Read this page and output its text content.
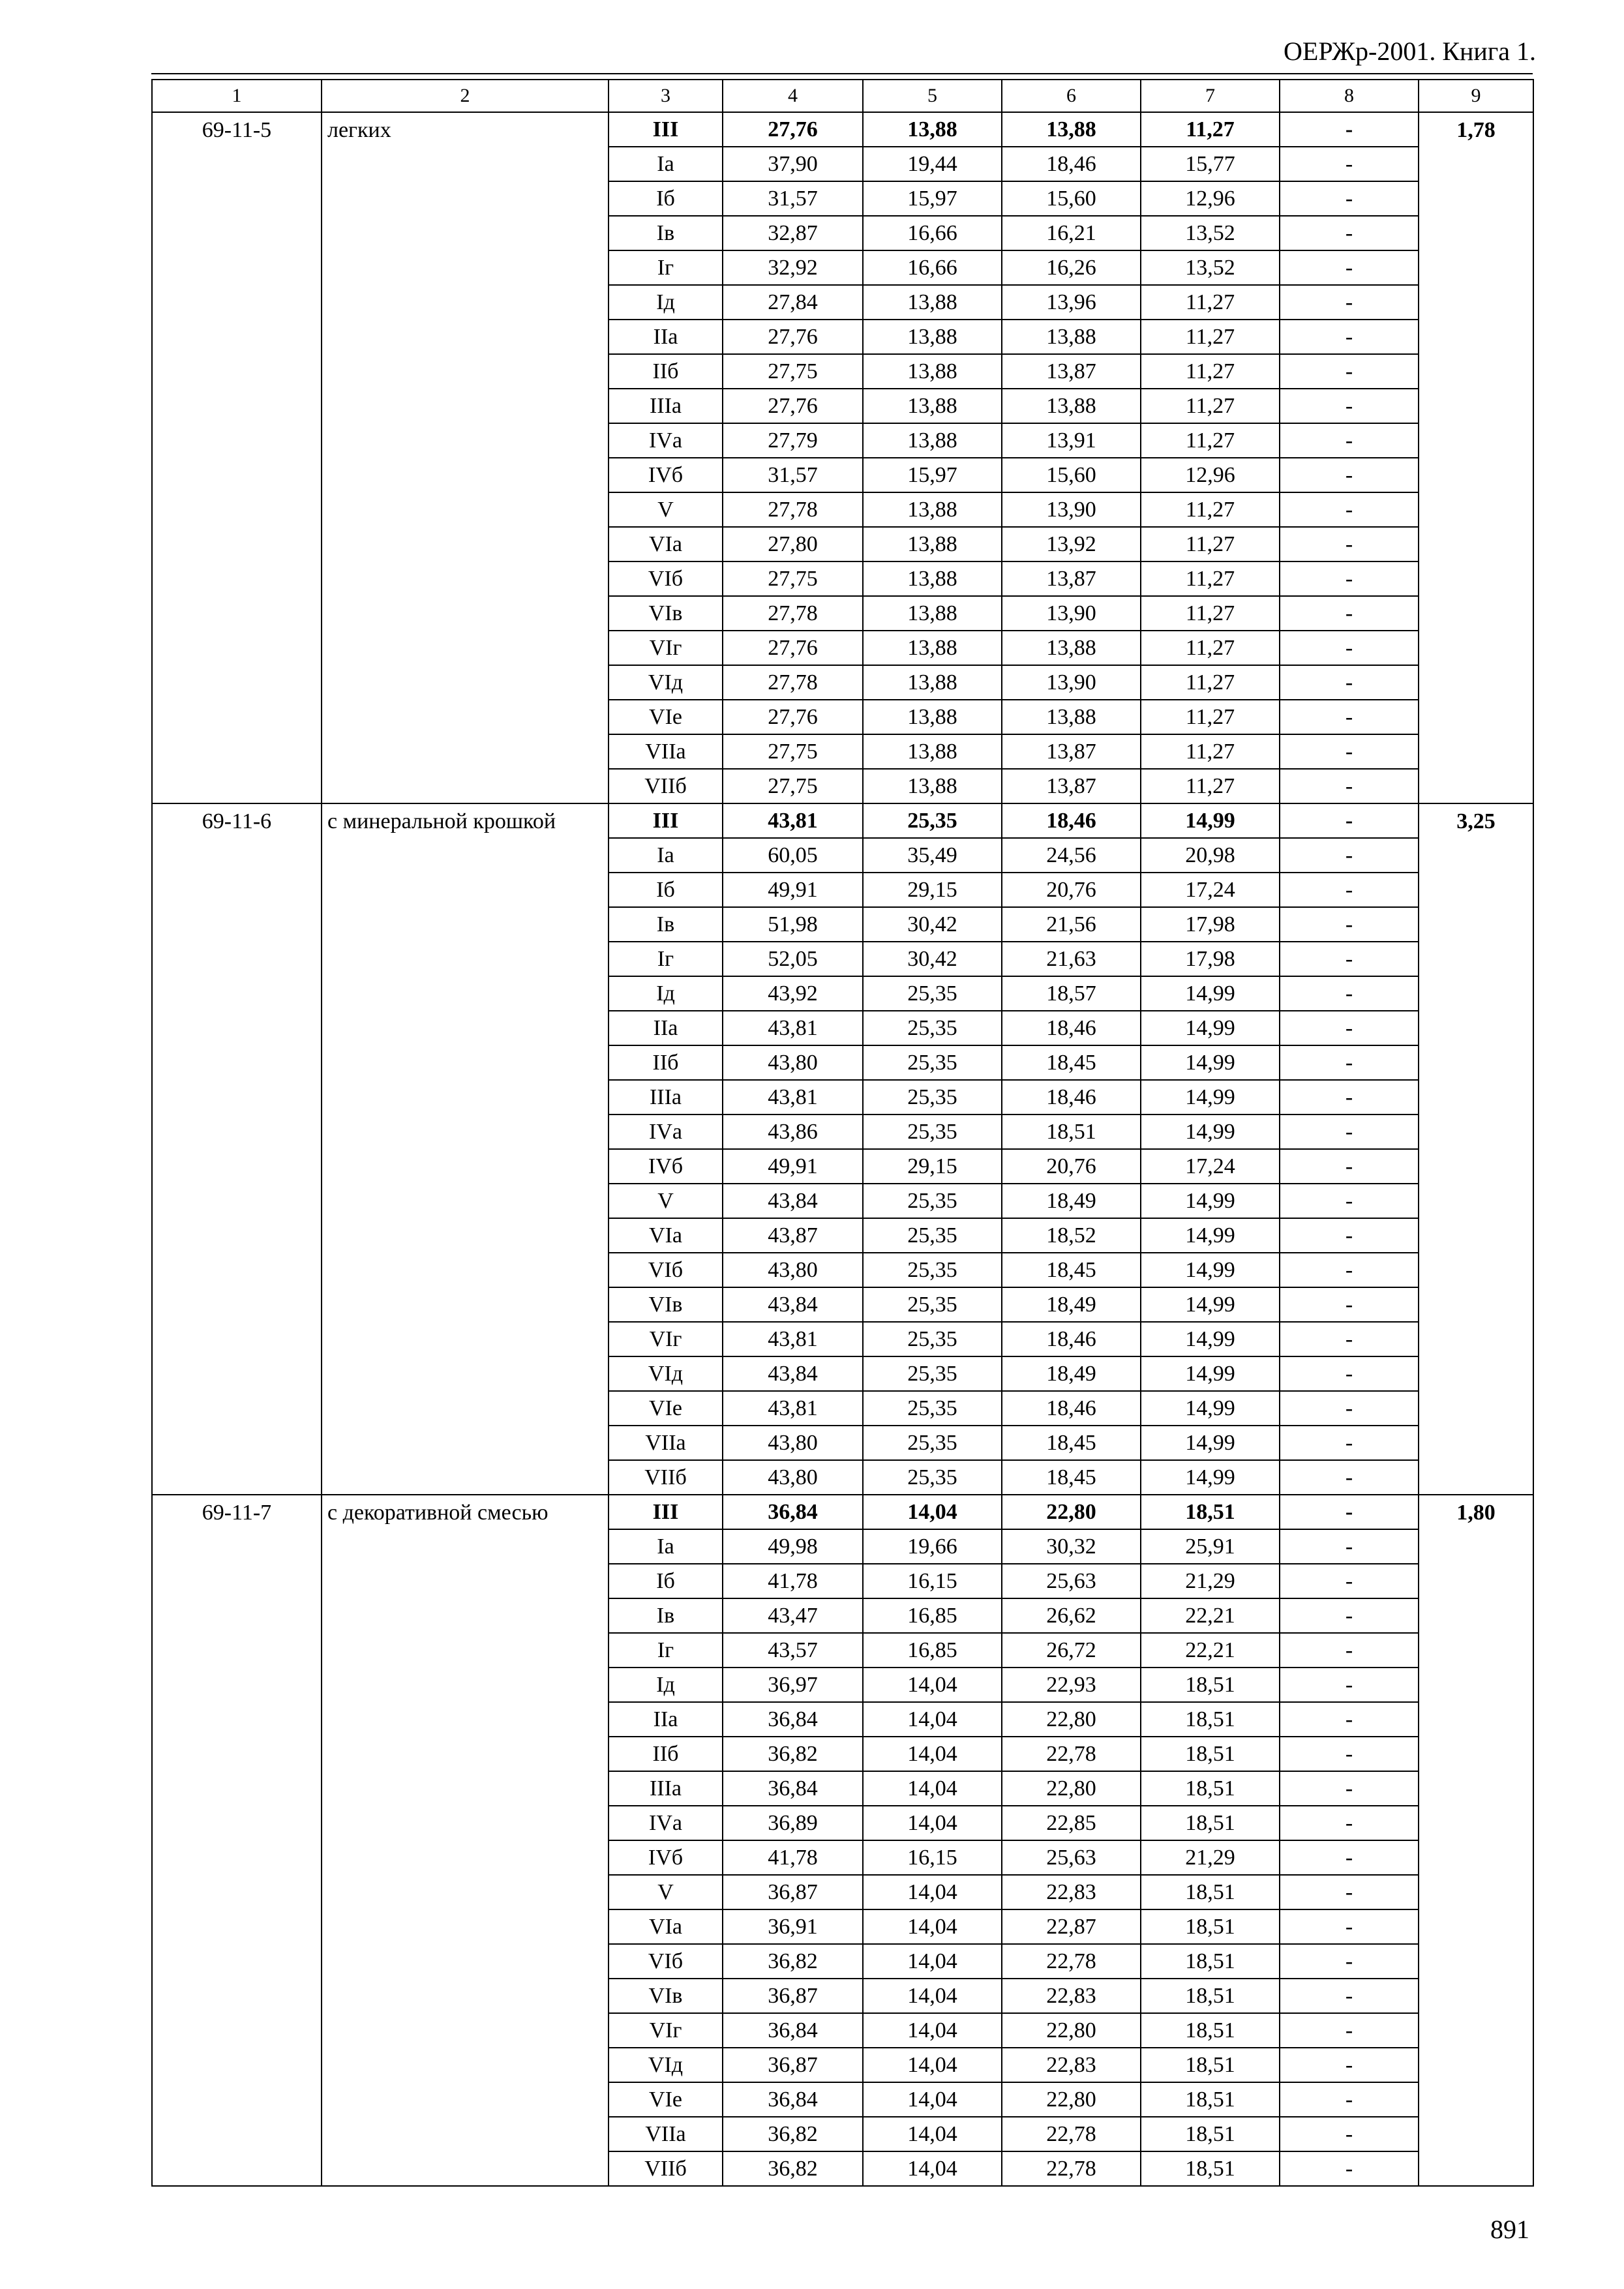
ОЕРЖр-2001. Книга 1.
1	2	3	4	5	6	7	8	9
69-11-5	легких	III	27,76	13,88	13,88	11,27	-	1,78
		Iа	37,90	19,44	18,46	15,77	-	
		Iб	31,57	15,97	15,60	12,96	-	
		Iв	32,87	16,66	16,21	13,52	-	
		Iг	32,92	16,66	16,26	13,52	-	
		Iд	27,84	13,88	13,96	11,27	-	
		IIа	27,76	13,88	13,88	11,27	-	
		IIб	27,75	13,88	13,87	11,27	-	
		IIIа	27,76	13,88	13,88	11,27	-	
		IVа	27,79	13,88	13,91	11,27	-	
		IVб	31,57	15,97	15,60	12,96	-	
		V	27,78	13,88	13,90	11,27	-	
		VIа	27,80	13,88	13,92	11,27	-	
		VIб	27,75	13,88	13,87	11,27	-	
		VIв	27,78	13,88	13,90	11,27	-	
		VIг	27,76	13,88	13,88	11,27	-	
		VIд	27,78	13,88	13,90	11,27	-	
		VIе	27,76	13,88	13,88	11,27	-	
		VIIа	27,75	13,88	13,87	11,27	-	
		VIIб	27,75	13,88	13,87	11,27	-	
69-11-6	с минеральной крошкой	III	43,81	25,35	18,46	14,99	-	3,25
		Iа	60,05	35,49	24,56	20,98	-	
		Iб	49,91	29,15	20,76	17,24	-	
		Iв	51,98	30,42	21,56	17,98	-	
		Iг	52,05	30,42	21,63	17,98	-	
		Iд	43,92	25,35	18,57	14,99	-	
		IIа	43,81	25,35	18,46	14,99	-	
		IIб	43,80	25,35	18,45	14,99	-	
		IIIа	43,81	25,35	18,46	14,99	-	
		IVа	43,86	25,35	18,51	14,99	-	
		IVб	49,91	29,15	20,76	17,24	-	
		V	43,84	25,35	18,49	14,99	-	
		VIа	43,87	25,35	18,52	14,99	-	
		VIб	43,80	25,35	18,45	14,99	-	
		VIв	43,84	25,35	18,49	14,99	-	
		VIг	43,81	25,35	18,46	14,99	-	
		VIд	43,84	25,35	18,49	14,99	-	
		VIе	43,81	25,35	18,46	14,99	-	
		VIIа	43,80	25,35	18,45	14,99	-	
		VIIб	43,80	25,35	18,45	14,99	-	
69-11-7	с декоративной смесью	III	36,84	14,04	22,80	18,51	-	1,80
		Iа	49,98	19,66	30,32	25,91	-	
		Iб	41,78	16,15	25,63	21,29	-	
		Iв	43,47	16,85	26,62	22,21	-	
		Iг	43,57	16,85	26,72	22,21	-	
		Iд	36,97	14,04	22,93	18,51	-	
		IIа	36,84	14,04	22,80	18,51	-	
		IIб	36,82	14,04	22,78	18,51	-	
		IIIа	36,84	14,04	22,80	18,51	-	
		IVа	36,89	14,04	22,85	18,51	-	
		IVб	41,78	16,15	25,63	21,29	-	
		V	36,87	14,04	22,83	18,51	-	
		VIа	36,91	14,04	22,87	18,51	-	
		VIб	36,82	14,04	22,78	18,51	-	
		VIв	36,87	14,04	22,83	18,51	-	
		VIг	36,84	14,04	22,80	18,51	-	
		VIд	36,87	14,04	22,83	18,51	-	
		VIе	36,84	14,04	22,80	18,51	-	
		VIIа	36,82	14,04	22,78	18,51	-	
		VIIб	36,82	14,04	22,78	18,51	-	
891
